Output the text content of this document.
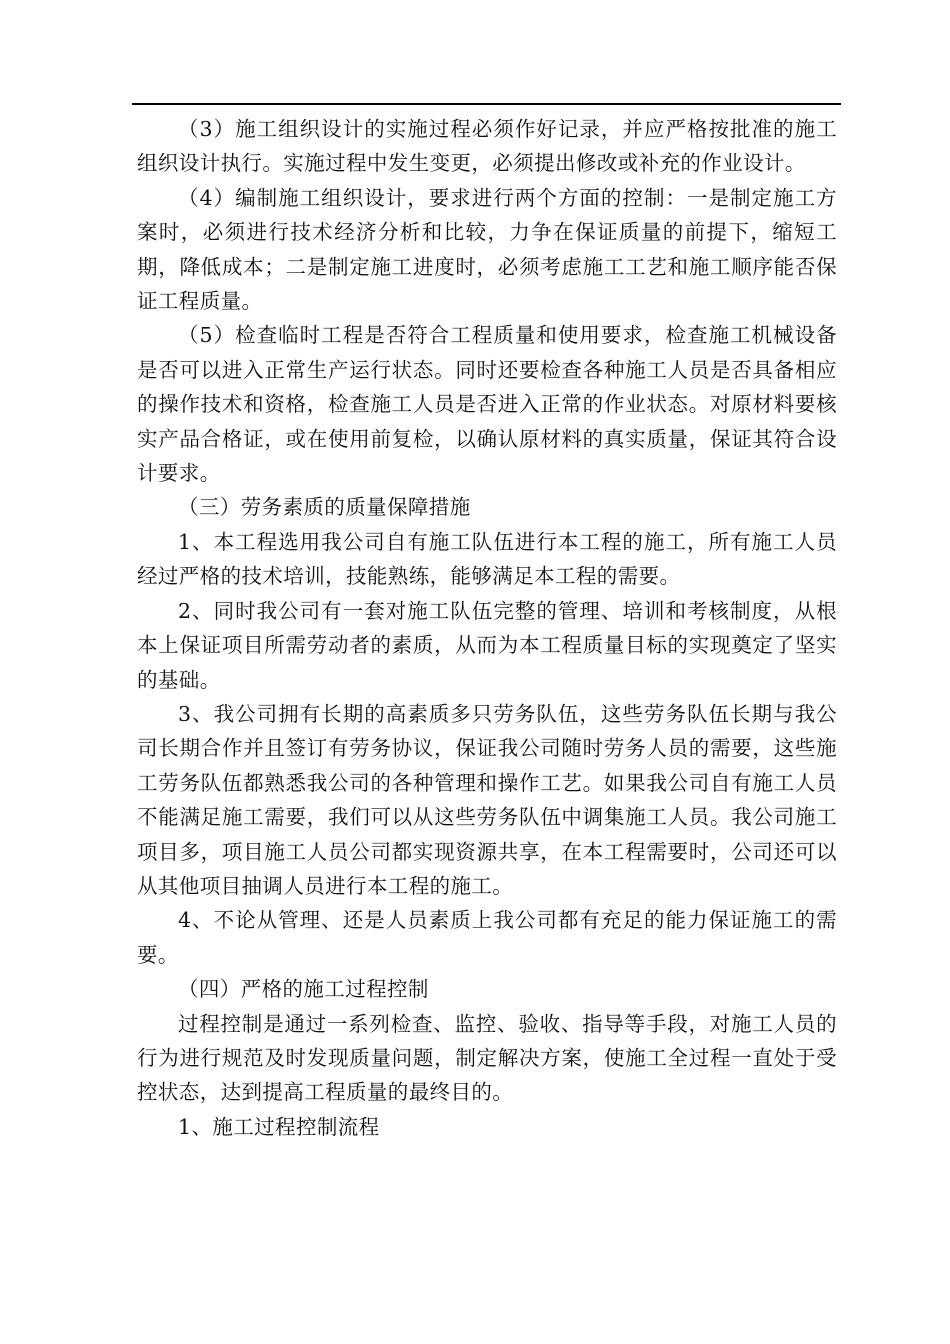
（3）施工组织设计的实施过程必须作好记录，并应严格按批准的施工组织设计执行。实施过程中发生变更，必须提出修改或补充的作业设计。

（4）编制施工组织设计，要求进行两个方面的控制：一是制定施工方案时，必须进行技术经济分析和比较，力争在保证质量的前提下，缩短工期，降低成本；二是制定施工进度时，必须考虑施工工艺和施工顺序能否保证工程质量。

（5）检查临时工程是否符合工程质量和使用要求，检查施工机械设备是否可以进入正常生产运行状态。同时还要检查各种施工人员是否具备相应的操作技术和资格，检查施工人员是否进入正常的作业状态。对原材料要核实产品合格证，或在使用前复检，以确认原材料的真实质量，保证其符合设计要求。

（三）劳务素质的质量保障措施

1、本工程选用我公司自有施工队伍进行本工程的施工，所有施工人员经过严格的技术培训，技能熟练，能够满足本工程的需要。

2、同时我公司有一套对施工队伍完整的管理、培训和考核制度，从根本上保证项目所需劳动者的素质，从而为本工程质量目标的实现奠定了坚实的基础。

3、我公司拥有长期的高素质多只劳务队伍，这些劳务队伍长期与我公司长期合作并且签订有劳务协议，保证我公司随时劳务人员的需要，这些施工劳务队伍都熟悉我公司的各种管理和操作工艺。如果我公司自有施工人员不能满足施工需要，我们可以从这些劳务队伍中调集施工人员。我公司施工项目多，项目施工人员公司都实现资源共享，在本工程需要时，公司还可以从其他项目抽调人员进行本工程的施工。

4、不论从管理、还是人员素质上我公司都有充足的能力保证施工的需要。

（四）严格的施工过程控制

过程控制是通过一系列检查、监控、验收、指导等手段，对施工人员的行为进行规范及时发现质量问题，制定解决方案，使施工全过程一直处于受控状态，达到提高工程质量的最终目的。

1、施工过程控制流程
